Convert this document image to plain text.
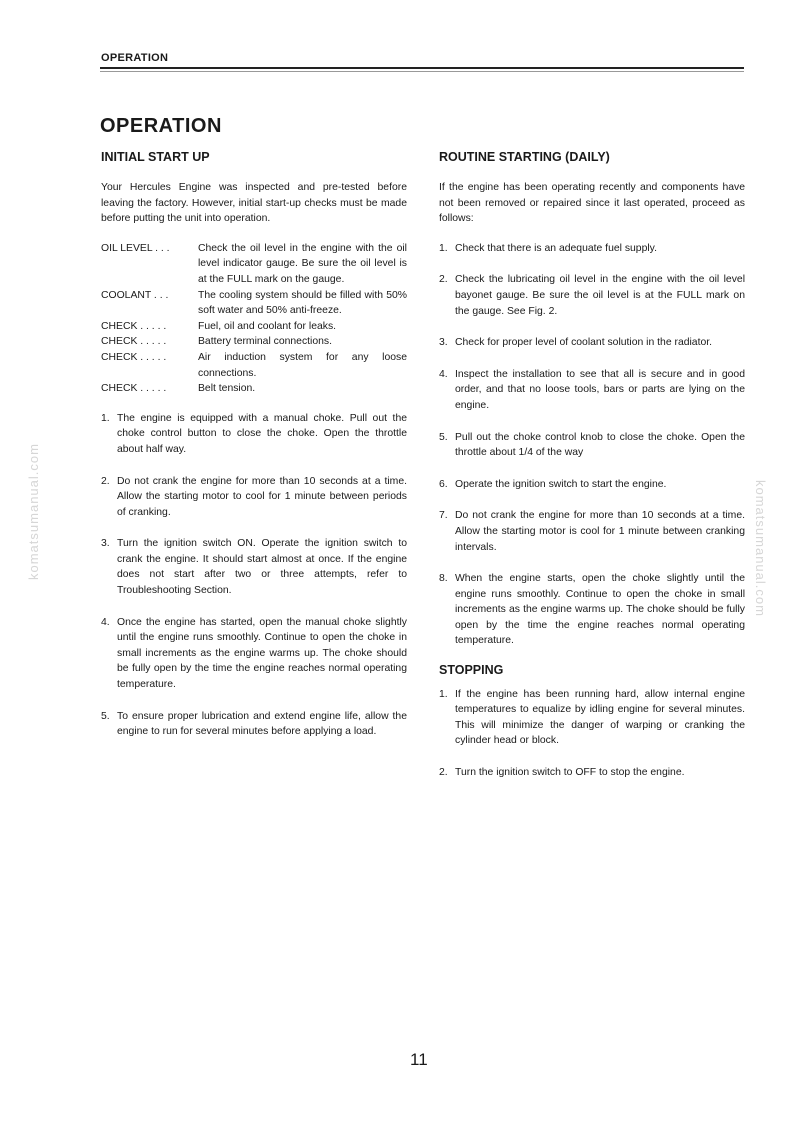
OPERATION
OPERATION
komatsumanual.com	komatsumanual.com
INITIAL START UP

Your Hercules Engine was inspected and pre-tested before leaving the factory. However, initial start-up checks must be made before putting the unit into operation.

OIL LEVEL . . .	Check the oil level in the engine with the oil level indicator gauge. Be sure the oil level is at the FULL mark on the gauge.
COOLANT . . .	The cooling system should be filled with 50% soft water and 50% anti-freeze.
CHECK . . . . .	Fuel, oil and coolant for leaks.
CHECK . . . . .	Battery terminal connections.
CHECK . . . . .	Air induction system for any loose connections.
CHECK . . . . .	Belt tension.
1. The engine is equipped with a manual choke. Pull out the choke control button to close the choke. Open the throttle about half way.
2. Do not crank the engine for more than 10 seconds at a time. Allow the starting motor to cool for 1 minute between periods of cranking.
3. Turn the ignition switch ON. Operate the ignition switch to crank the engine. It should start almost at once. If the engine does not start after two or three attempts, refer to Troubleshooting Section.
4. Once the engine has started, open the manual choke slightly until the engine runs smoothly. Continue to open the choke in small increments as the engine warms up. The choke should be fully open by the time the engine reaches normal operating temperature.
5. To ensure proper lubrication and extend engine life, allow the engine to run for several minutes before applying a load.
ROUTINE STARTING (DAILY)

If the engine has been operating recently and components have not been removed or repaired since it last operated, proceed as follows:

1. Check that there is an adequate fuel supply.
2. Check the lubricating oil level in the engine with the oil level bayonet gauge. Be sure the oil level is at the FULL mark on the gauge. See Fig. 2.
3. Check for proper level of coolant solution in the radiator.
4. Inspect the installation to see that all is secure and in good order, and that no loose tools, bars or parts are lying on the engine.
5. Pull out the choke control knob to close the choke. Open the throttle about 1/4 of the way
6. Operate the ignition switch to start the engine.
7. Do not crank the engine for more than 10 seconds at a time. Allow the starting motor is cool for 1 minute between cranking intervals.
8. When the engine starts, open the choke slightly until the engine runs smoothly. Continue to open the choke in small increments as the engine warms up. The choke should be fully open by the time the engine reaches normal operating temperature.
STOPPING
1. If the engine has been running hard, allow internal engine temperatures to equalize by idling engine for several minutes. This will minimize the danger of warping or cranking the cylinder head or block.
2. Turn the ignition switch to OFF to stop the engine.
11
